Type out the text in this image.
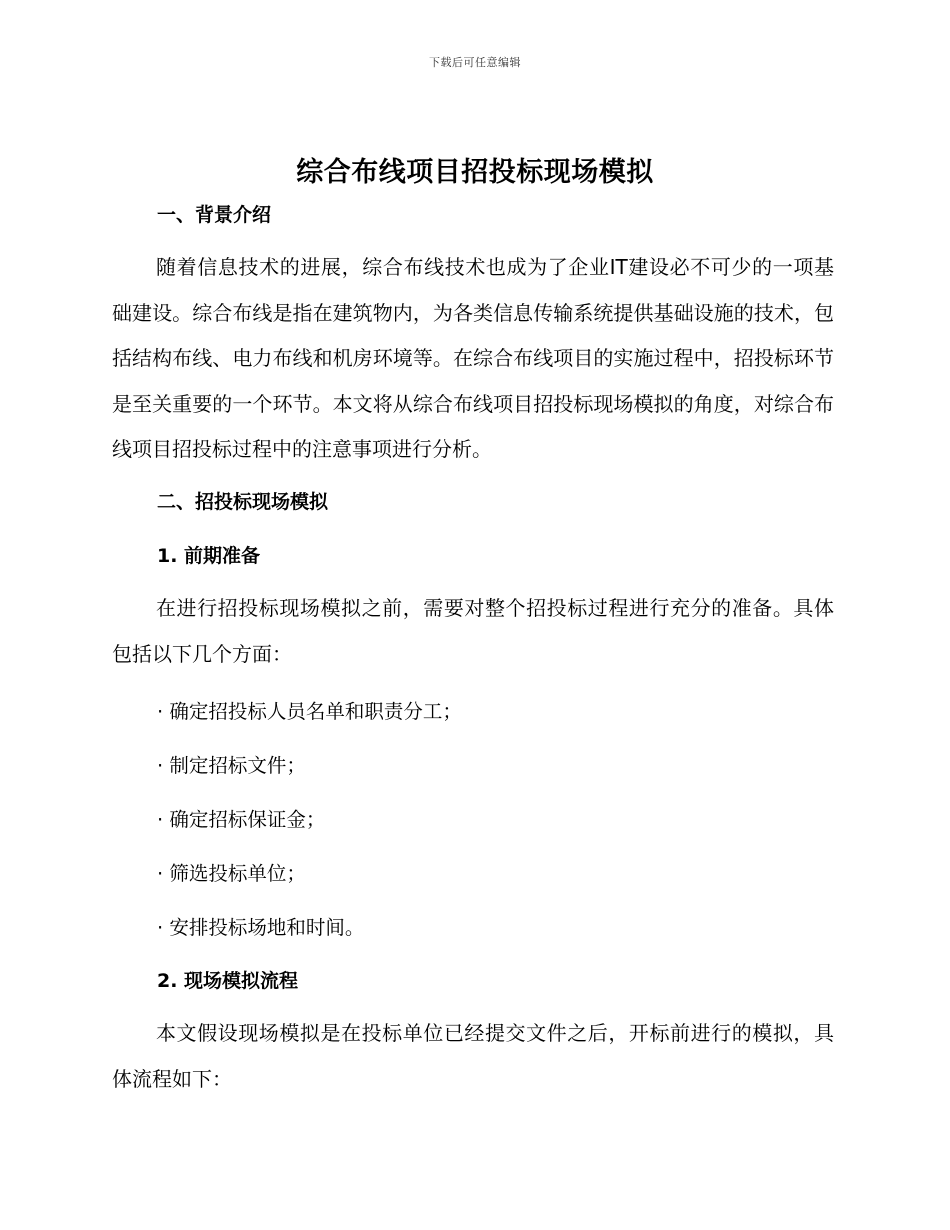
下载后可任意编辑
综合布线项目招投标现场模拟
一、背景介绍

随着信息技术的进展，综合布线技术也成为了企业IT建设必不可少的一项基础建设。综合布线是指在建筑物内，为各类信息传输系统提供基础设施的技术，包括结构布线、电力布线和机房环境等。在综合布线项目的实施过程中，招投标环节是至关重要的一个环节。本文将从综合布线项目招投标现场模拟的角度，对综合布线项目招投标过程中的注意事项进行分析。

二、招投标现场模拟
1. 前期准备

在进行招投标现场模拟之前，需要对整个招投标过程进行充分的准备。具体包括以下几个方面：

· 确定招投标人员名单和职责分工；
· 制定招标文件；
· 确定招标保证金；
· 筛选投标单位；
· 安排投标场地和时间。
2. 现场模拟流程

本文假设现场模拟是在投标单位已经提交文件之后，开标前进行的模拟，具体流程如下：
